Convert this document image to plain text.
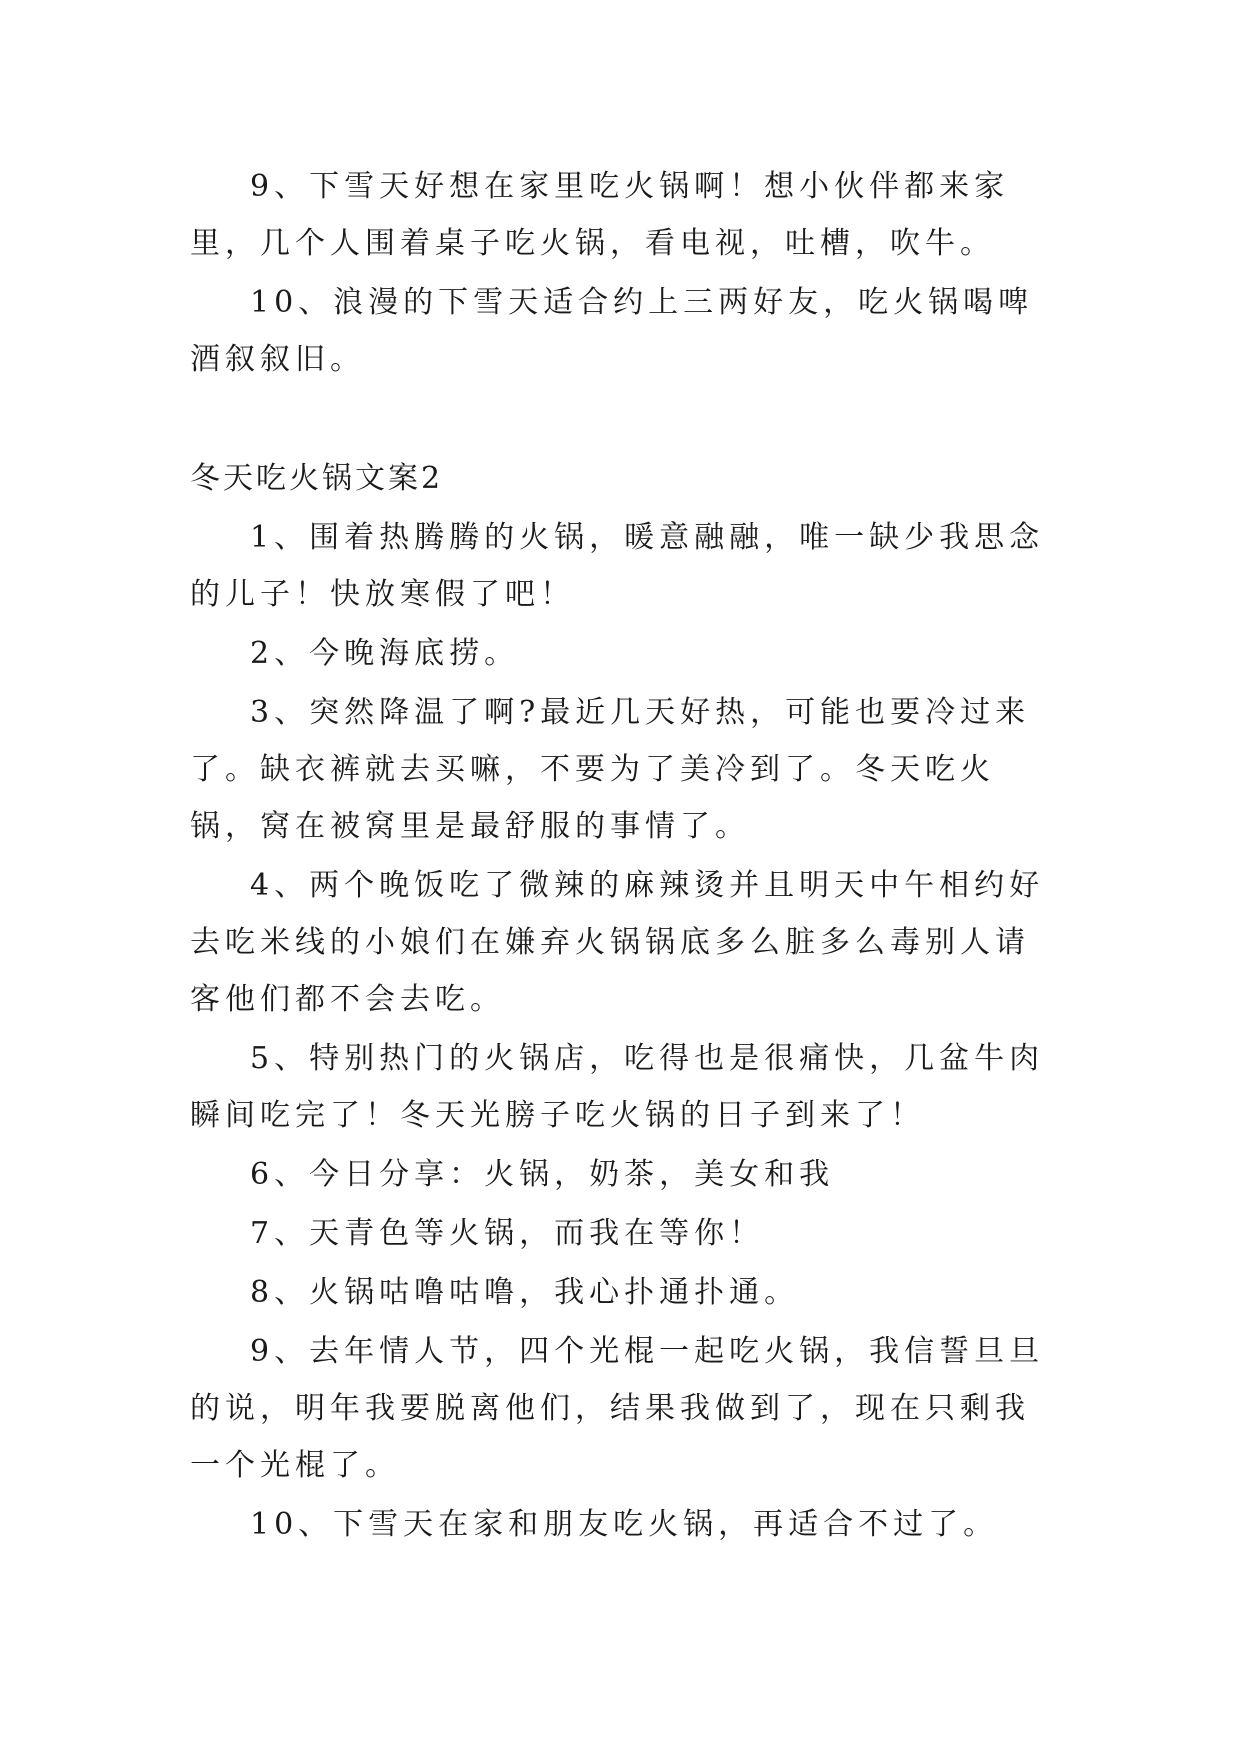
9、下雪天好想在家里吃火锅啊！想小伙伴都来家里，几个人围着桌子吃火锅，看电视，吐槽，吹牛。

10、浪漫的下雪天适合约上三两好友，吃火锅喝啤酒叙叙旧。

冬天吃火锅文案2

1、围着热腾腾的火锅，暖意融融，唯一缺少我思念的儿子！快放寒假了吧！

2、今晚海底捞。

3、突然降温了啊?最近几天好热，可能也要冷过来了。缺衣裤就去买嘛，不要为了美冷到了。冬天吃火锅，窝在被窝里是最舒服的事情了。

4、两个晚饭吃了微辣的麻辣烫并且明天中午相约好去吃米线的小娘们在嫌弃火锅锅底多么脏多么毒别人请客他们都不会去吃。

5、特别热门的火锅店，吃得也是很痛快，几盆牛肉瞬间吃完了！冬天光膀子吃火锅的日子到来了！

6、今日分享：火锅，奶茶，美女和我

7、天青色等火锅，而我在等你！

8、火锅咕噜咕噜，我心扑通扑通。

9、去年情人节，四个光棍一起吃火锅，我信誓旦旦的说，明年我要脱离他们，结果我做到了，现在只剩我一个光棍了。

10、下雪天在家和朋友吃火锅，再适合不过了。
